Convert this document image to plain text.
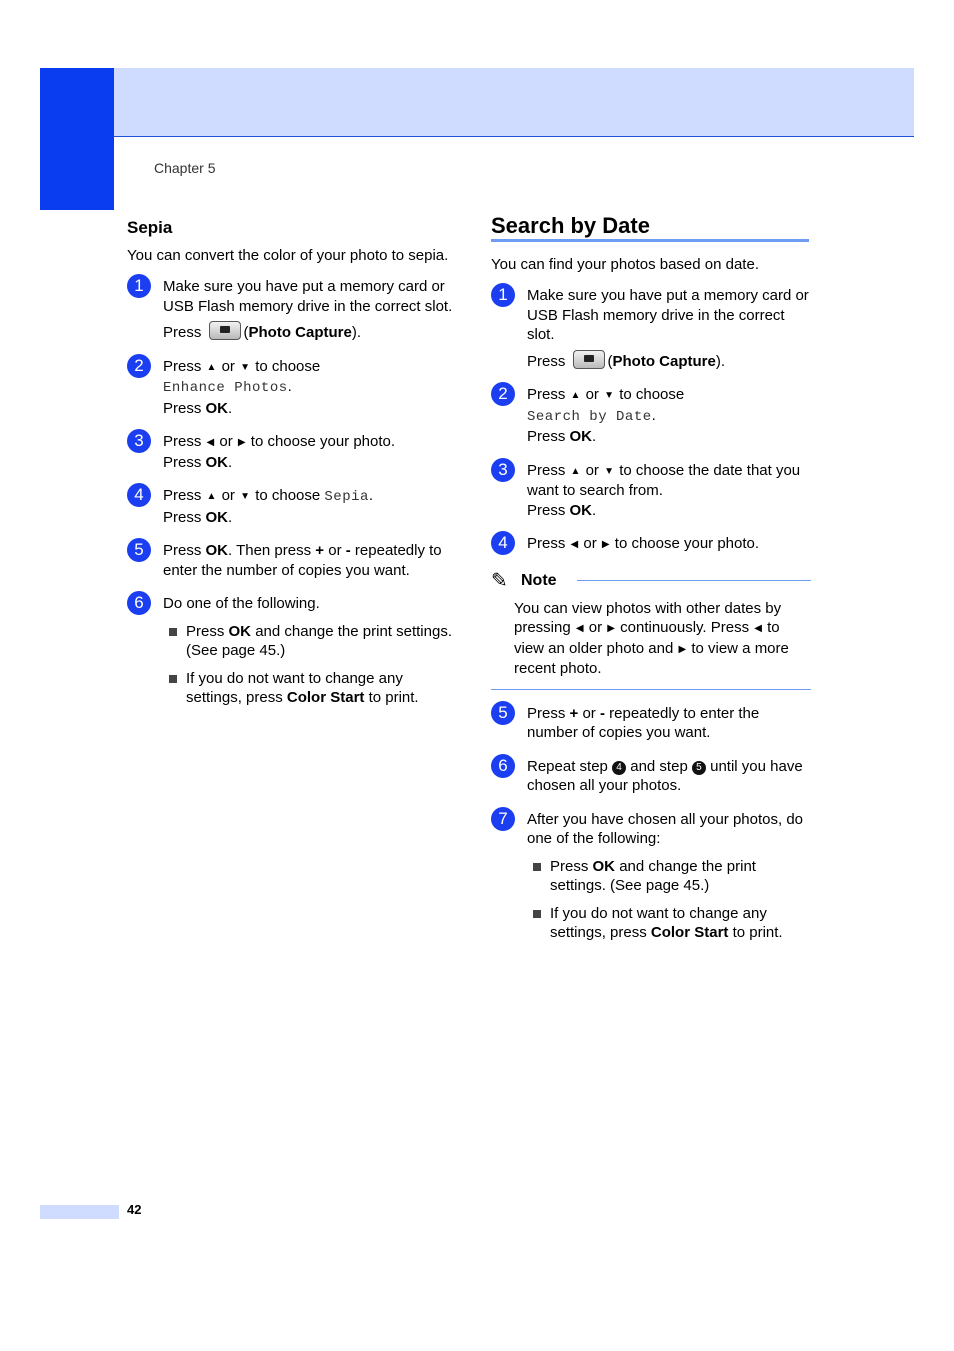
Chapter 5
Sepia

You can convert the color of your photo to sepia.

1	Make sure you have put a memory card or USB Flash memory drive in the correct slot.

Press	(Photo Capture).

2	Press ▲ or ▼ to choose

Enhance Photos.

Press OK.

3	Press ◀ or ▶ to choose your photo.

Press OK.

4	Press ▲ or ▼ to choose Sepia.

Press OK.

5	Press OK. Then press + or - repeatedly to enter the number of copies you want.

6	Do one of the following.

Press OK and change the print settings. (See page 45.)
If you do not want to change any settings, press Color Start to print.
Search by Date

You can find your photos based on date.

1	Make sure you have put a memory card or USB Flash memory drive in the correct slot.

Press	(Photo Capture).

2	Press ▲ or ▼ to choose

Search by Date.

Press OK.

3	Press ▲ or ▼ to choose the date that you want to search from.

Press OK.

4	Press ◀ or ▶ to choose your photo.

✎ Note

You can view photos with other dates by pressing ◀ or ▶ continuously. Press ◀ to view an older photo and ▶ to view a more recent photo.

5	Press + or - repeatedly to enter the number of copies you want.

6	Repeat step 4 and step 5 until you have chosen all your photos.

7	After you have chosen all your photos, do one of the following:

Press OK and change the print settings. (See page 45.)
If you do not want to change any settings, press Color Start to print.
42
